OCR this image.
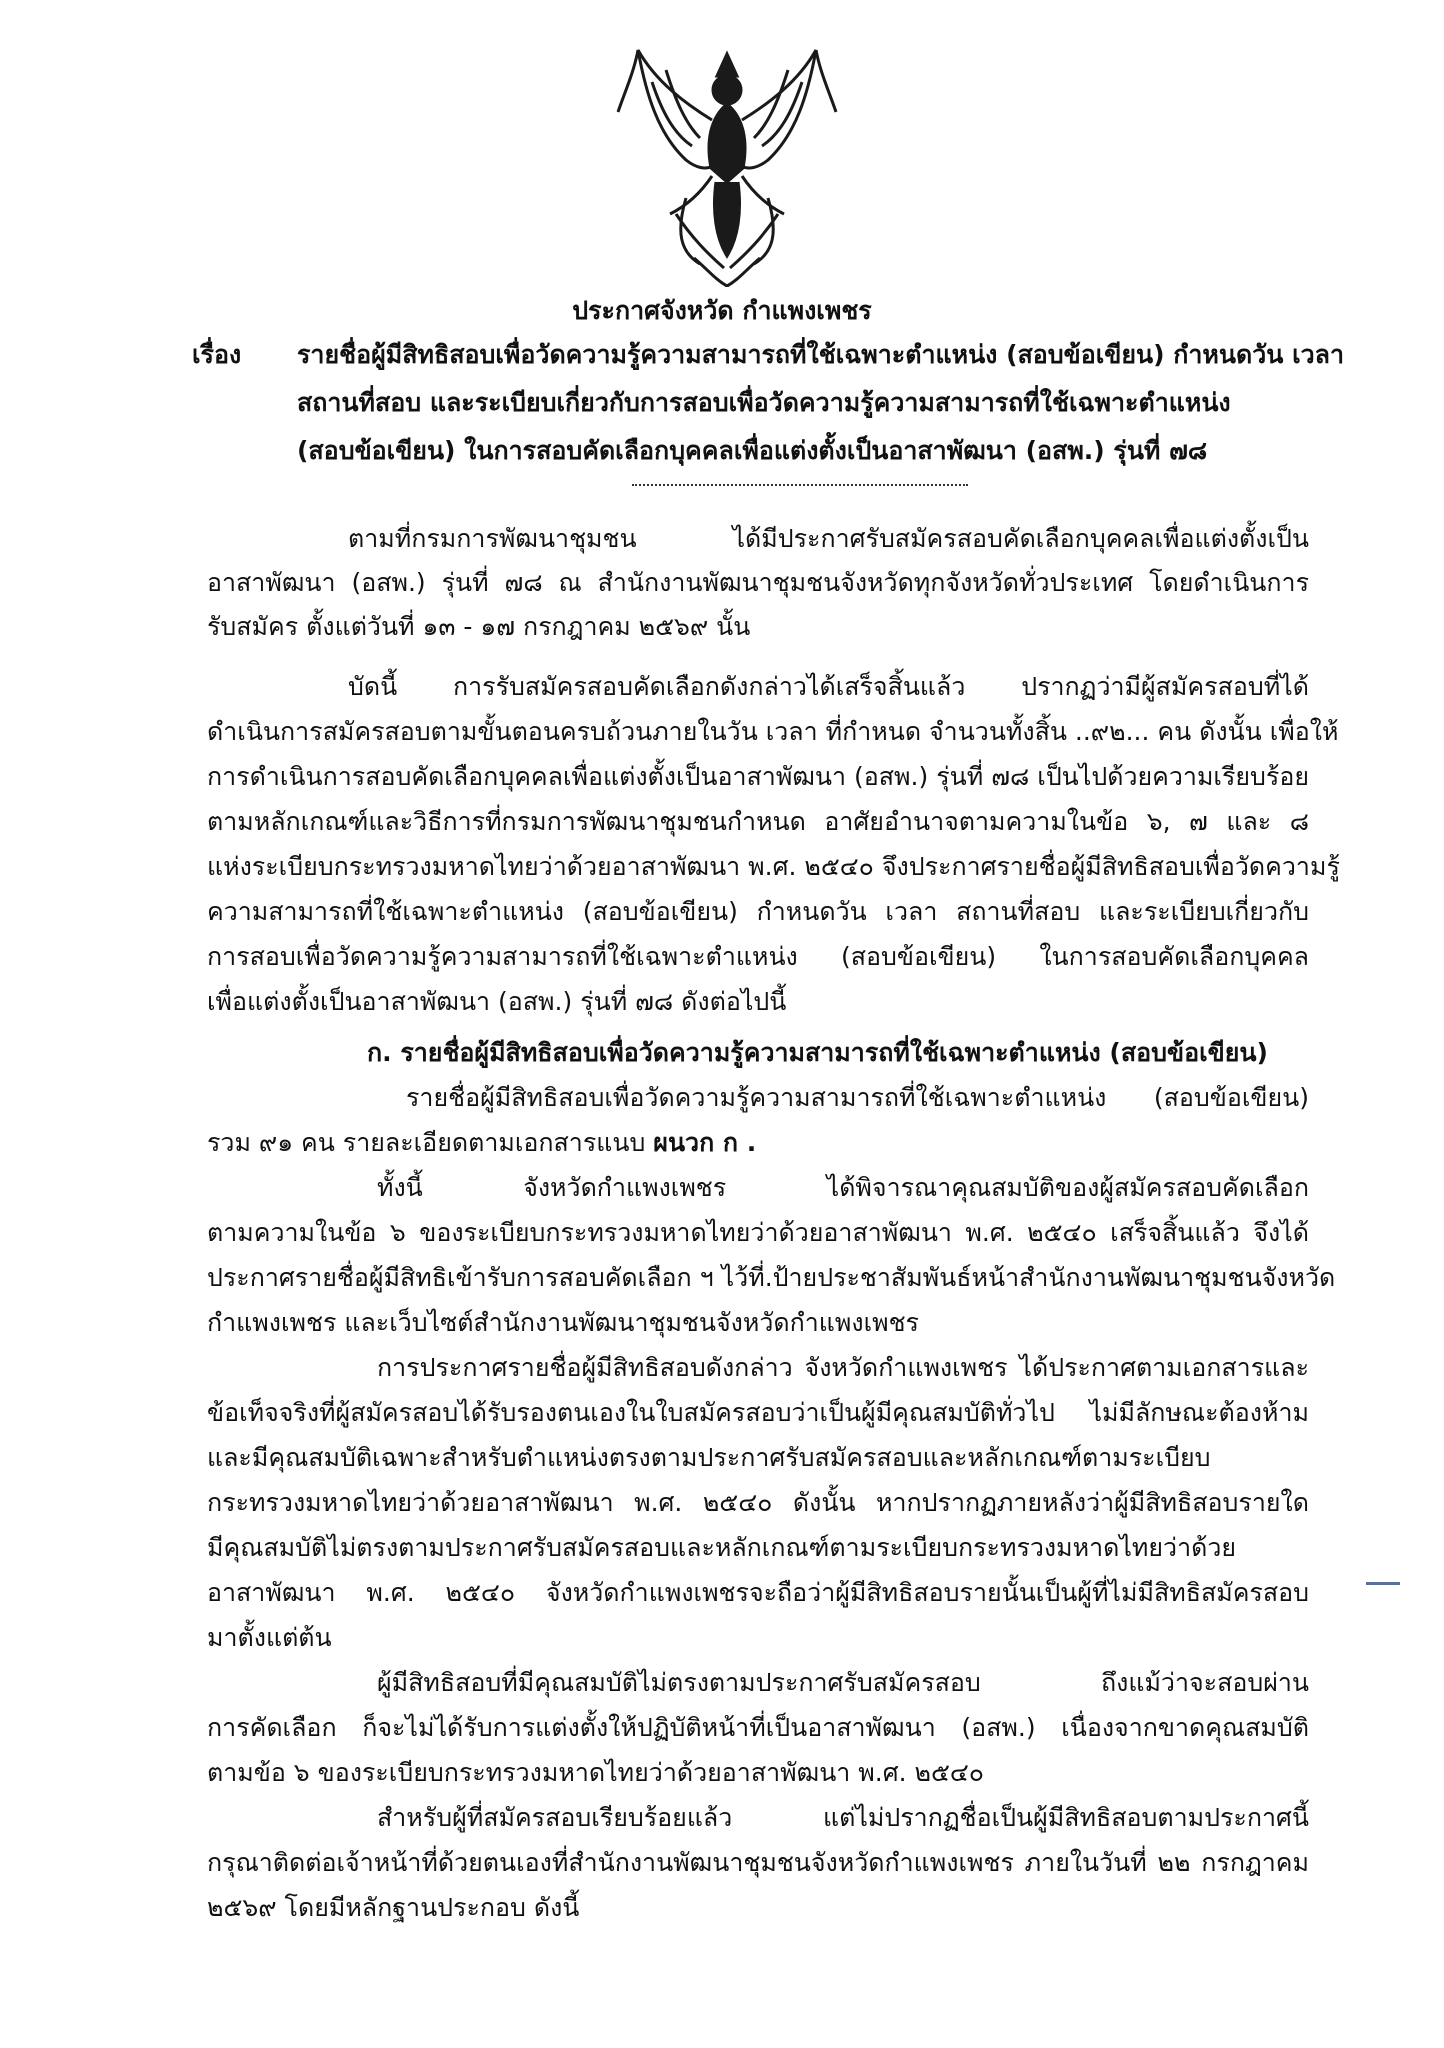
ประกาศจังหวัด กำแพงเพชร
เรื่อง รายชื่อผู้มีสิทธิสอบเพื่อวัดความรู้ความสามารถที่ใช้เฉพาะตำแหน่ง (สอบข้อเขียน) กำหนดวัน เวลา
สถานที่สอบ และระเบียบเกี่ยวกับการสอบเพื่อวัดความรู้ความสามารถที่ใช้เฉพาะตำแหน่ง
(สอบข้อเขียน) ในการสอบคัดเลือกบุคคลเพื่อแต่งตั้งเป็นอาสาพัฒนา (อสพ.) รุ่นที่ ๗๘
ตามที่กรมการพัฒนาชุมชน ได้มีประกาศรับสมัครสอบคัดเลือกบุคคลเพื่อแต่งตั้งเป็น
อาสาพัฒนา (อสพ.) รุ่นที่ ๗๘ ณ สำนักงานพัฒนาชุมชนจังหวัดทุกจังหวัดทั่วประเทศ โดยดำเนินการ
รับสมัคร ตั้งแต่วันที่ ๑๓ - ๑๗ กรกฎาคม ๒๕๖๙ นั้น
บัดนี้ การรับสมัครสอบคัดเลือกดังกล่าวได้เสร็จสิ้นแล้ว ปรากฏว่ามีผู้สมัครสอบที่ได้
ดำเนินการสมัครสอบตามขั้นตอนครบถ้วนภายในวัน เวลา ที่กำหนด จำนวนทั้งสิ้น ..๙๒... คน ดังนั้น เพื่อให้
การดำเนินการสอบคัดเลือกบุคคลเพื่อแต่งตั้งเป็นอาสาพัฒนา (อสพ.) รุ่นที่ ๗๘ เป็นไปด้วยความเรียบร้อย
ตามหลักเกณฑ์และวิธีการที่กรมการพัฒนาชุมชนกำหนด อาศัยอำนาจตามความในข้อ ๖, ๗ และ ๘
แห่งระเบียบกระทรวงมหาดไทยว่าด้วยอาสาพัฒนา พ.ศ. ๒๕๔๐ จึงประกาศรายชื่อผู้มีสิทธิสอบเพื่อวัดความรู้
ความสามารถที่ใช้เฉพาะตำแหน่ง (สอบข้อเขียน) กำหนดวัน เวลา สถานที่สอบ และระเบียบเกี่ยวกับ
การสอบเพื่อวัดความรู้ความสามารถที่ใช้เฉพาะตำแหน่ง (สอบข้อเขียน) ในการสอบคัดเลือกบุคคล
เพื่อแต่งตั้งเป็นอาสาพัฒนา (อสพ.) รุ่นที่ ๗๘ ดังต่อไปนี้
ก. รายชื่อผู้มีสิทธิสอบเพื่อวัดความรู้ความสามารถที่ใช้เฉพาะตำแหน่ง (สอบข้อเขียน)
รายชื่อผู้มีสิทธิสอบเพื่อวัดความรู้ความสามารถที่ใช้เฉพาะตำแหน่ง (สอบข้อเขียน)
รวม ๙๑ คน รายละเอียดตามเอกสารแนบ ผนวก ก .
ทั้งนี้ จังหวัดกำแพงเพชร ได้พิจารณาคุณสมบัติของผู้สมัครสอบคัดเลือก
ตามความในข้อ ๖ ของระเบียบกระทรวงมหาดไทยว่าด้วยอาสาพัฒนา พ.ศ. ๒๕๔๐ เสร็จสิ้นแล้ว จึงได้
ประกาศรายชื่อผู้มีสิทธิเข้ารับการสอบคัดเลือก ฯ ไว้ที่.ป้ายประชาสัมพันธ์หน้าสำนักงานพัฒนาชุมชนจังหวัด
กำแพงเพชร และเว็บไซต์สำนักงานพัฒนาชุมชนจังหวัดกำแพงเพชร
การประกาศรายชื่อผู้มีสิทธิสอบดังกล่าว จังหวัดกำแพงเพชร ได้ประกาศตามเอกสารและ
ข้อเท็จจริงที่ผู้สมัครสอบได้รับรองตนเองในใบสมัครสอบว่าเป็นผู้มีคุณสมบัติทั่วไป ไม่มีลักษณะต้องห้าม
และมีคุณสมบัติเฉพาะสำหรับตำแหน่งตรงตามประกาศรับสมัครสอบและหลักเกณฑ์ตามระเบียบ
กระทรวงมหาดไทยว่าด้วยอาสาพัฒนา พ.ศ. ๒๕๔๐ ดังนั้น หากปรากฏภายหลังว่าผู้มีสิทธิสอบรายใด
มีคุณสมบัติไม่ตรงตามประกาศรับสมัครสอบและหลักเกณฑ์ตามระเบียบกระทรวงมหาดไทยว่าด้วย
อาสาพัฒนา พ.ศ. ๒๕๔๐ จังหวัดกำแพงเพชรจะถือว่าผู้มีสิทธิสอบรายนั้นเป็นผู้ที่ไม่มีสิทธิสมัครสอบ
มาตั้งแต่ต้น
ผู้มีสิทธิสอบที่มีคุณสมบัติไม่ตรงตามประกาศรับสมัครสอบ ถึงแม้ว่าจะสอบผ่าน
การคัดเลือก ก็จะไม่ได้รับการแต่งตั้งให้ปฏิบัติหน้าที่เป็นอาสาพัฒนา (อสพ.) เนื่องจากขาดคุณสมบัติ
ตามข้อ ๖ ของระเบียบกระทรวงมหาดไทยว่าด้วยอาสาพัฒนา พ.ศ. ๒๕๔๐
สำหรับผู้ที่สมัครสอบเรียบร้อยแล้ว แต่ไม่ปรากฏชื่อเป็นผู้มีสิทธิสอบตามประกาศนี้
กรุณาติดต่อเจ้าหน้าที่ด้วยตนเองที่สำนักงานพัฒนาชุมชนจังหวัดกำแพงเพชร ภายในวันที่ ๒๒ กรกฎาคม
๒๕๖๙ โดยมีหลักฐานประกอบ ดังนี้
